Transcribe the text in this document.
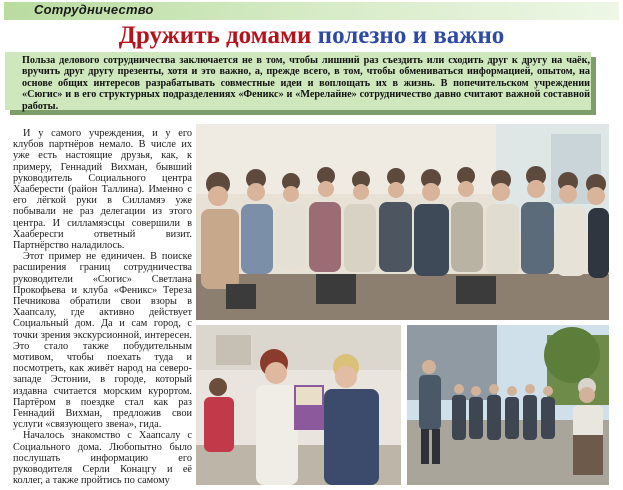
Сотрудничество
Дружить домами полезно и важно
Польза делового сотрудничества заключается не в том, чтобы лишний раз съездить или сходить друг к другу на чаёк, вручить друг другу презенты, хотя и это важно, а, прежде всего, в том, чтобы обмениваться информацией, опытом, на основе общих интересов разрабатывать совместные идеи и воплощать их в жизнь. В попечительском учреждении «Сюгис» и в его структурных подразделениях «Феникс» и «Мерелайне» сотрудничество давно считают важной составной работы.

И у самого учреждения, и у его клубов партнёров немало. В числе их уже есть настоящие друзья, как, к примеру, Геннадий Вихман, бывший руководитель Социального центра Хааберести (район Таллина). Именно с его лёгкой руки в Силламяэ уже побывали не раз делегации из этого центра. И силламяэсцы совершили в Хаабересги ответный визит. Партнёрство наладилось.

Этот пример не единичен. В поиске расширения границ сотрудничества руководители «Сюгис» Светлана Прокофьева и клуба «Феникс» Тереза Печникова обратили свои взоры в Хаапсалу, где активно действует Социальный дом. Да и сам город, с точки зрения экскурсионной, интересен. Это стало также побудительным мотивом, чтобы поехать туда и посмотреть, как живёт народ на северо-западе Эстонии, в городе, который издавна считается морским курортом. Партёром в поездке стал как раз Геннадий Вихман, предложив свои услуги «связующего звена», гида.

Началось знакомство с Хаапсалу с Социального дома. Любопытно было послушать информацию его руководителя Серли Конацгу и её коллег, а также пройтись по самому
